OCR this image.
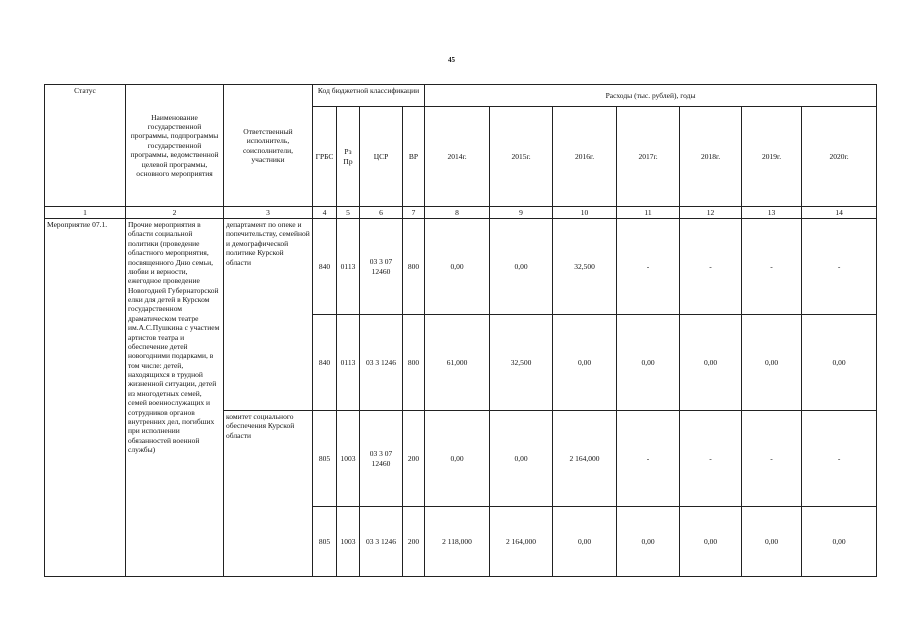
45
Статус	Наименование государственной программы, подпрограммы государственной программы, ведомственной целевой программы, основного мероприятия	Ответственный исполнитель, соисполнители, участники	Код бюджетной классификации				Расходы (тыс. рублей), годы						
			ГРБС	Рз Пр	ЦСР	ВР	2014г.	2015г.	2016г.	2017г.	2018г.	2019г.	2020г.
1	2	3	4	5	6	7	8	9	10	11	12	13	14
Мероприятие 07.1.	Прочие мероприятия в области социальной политики (проведение областного мероприятия, посвященного Дню семьи, любви и верности, ежегодное проведение Новогодней Губернаторской елки для детей в Курском государственном драматическом театре им.А.С.Пушкина с участием артистов театра и обеспечение детей новогодними подарками, в том числе: детей, находящихся в трудной жизненной ситуации, детей из многодетных семей, семей военнослужащих и сотрудников органов внутренних дел, погибших при исполнении обязанностей военной службы)	департамент по опеке и попечительству, семейной и демографической политике Курской области	840	0113	03 3 07 12460	800	0,00	0,00	32,500	-	-	-	-
			840	0113	03 3 1246	800	61,000	32,500	0,00	0,00	0,00	0,00	0,00
		комитет социального обеспечения Курской области	805	1003	03 3 07 12460	200	0,00	0,00	2 164,000	-	-	-	-
			805	1003	03 3 1246	200	2 118,000	2 164,000	0,00	0,00	0,00	0,00	0,00
